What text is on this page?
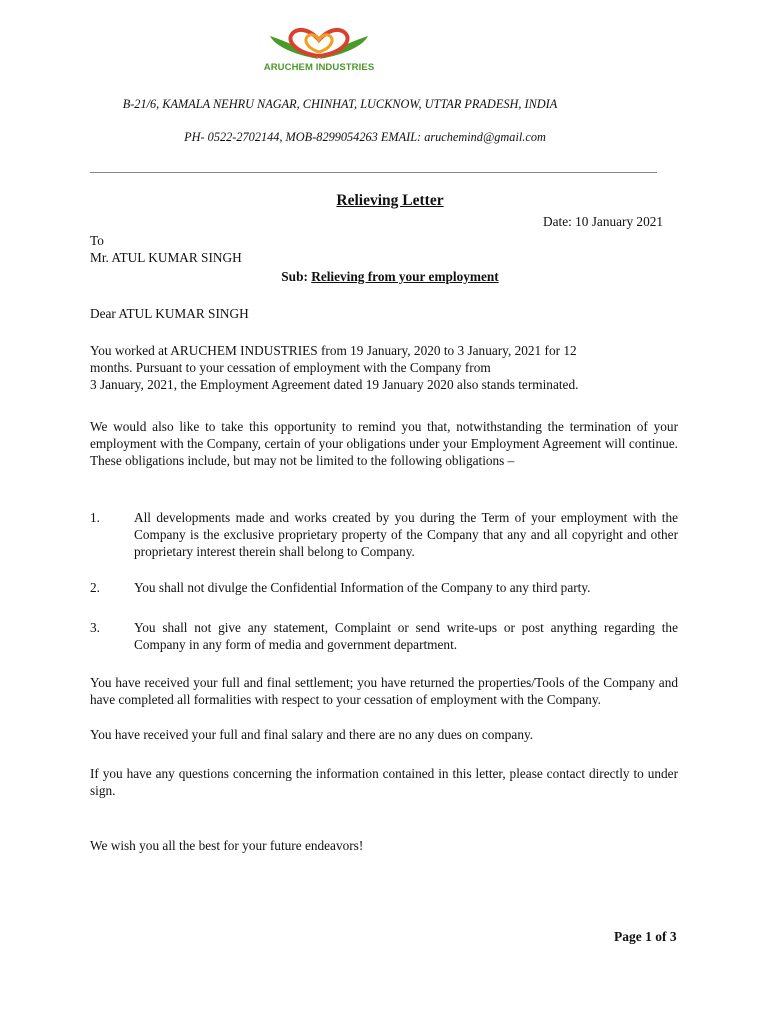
ARUCHEM INDUSTRIES
B-21/6, KAMALA NEHRU NAGAR, CHINHAT, LUCKNOW, UTTAR PRADESH, INDIA
PH- 0522-2702144, MOB-8299054263 EMAIL: aruchemind@gmail.com
Relieving Letter
Date: 10 January 2021
To
Mr. ATUL KUMAR SINGH
Sub: Relieving from your employment
Dear ATUL KUMAR SINGH
You worked at ARUCHEM INDUSTRIES from 19 January, 2020 to 3 January, 2021 for 12
months. Pursuant to your cessation of employment with the Company from
3 January, 2021, the Employment Agreement dated 19 January 2020 also stands terminated.
We would also like to take this opportunity to remind you that, notwithstanding the termination of your employment with the Company, certain of your obligations under your Employment Agreement will continue. These obligations include, but may not be limited to the following obligations –
1.	All developments made and works created by you during the Term of your employment with the Company is the exclusive proprietary property of the Company that any and all copyright and other proprietary interest therein shall belong to Company.
2.	You shall not divulge the Confidential Information of the Company to any third party.
3.	You shall not give any statement, Complaint or send write-ups or post anything regarding the Company in any form of media and government department.
You have received your full and final settlement; you have returned the properties/Tools of the Company and have completed all formalities with respect to your cessation of employment with the Company.
You have received your full and final salary and there are no any dues on company.
If you have any questions concerning the information contained in this letter, please contact directly to under sign.
We wish you all the best for your future endeavors!
Page 1 of 3
